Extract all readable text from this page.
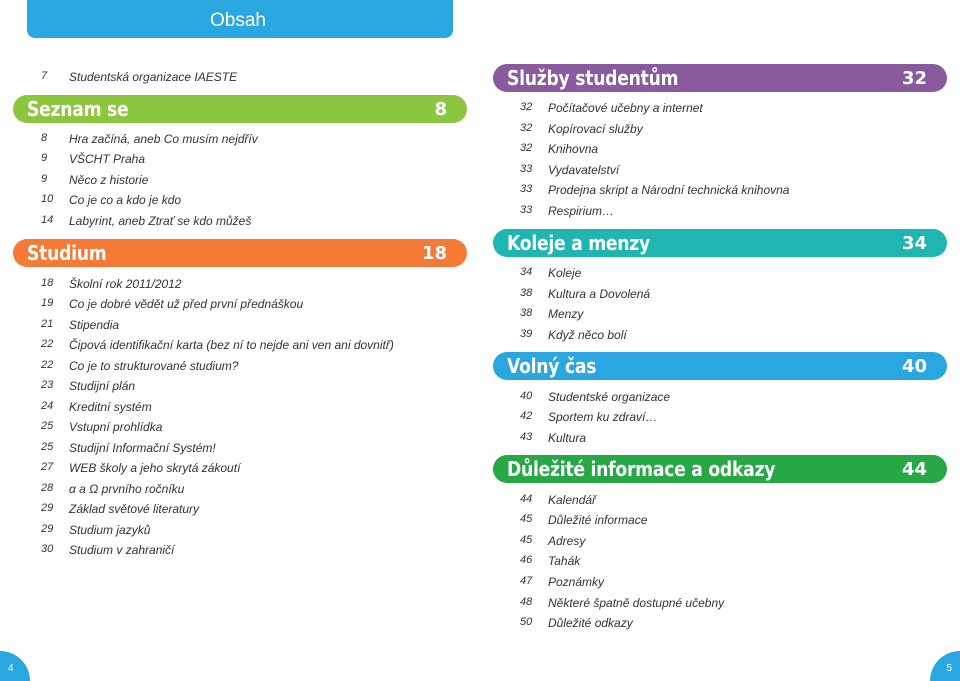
Obsah
7	Studentská organizace IAESTE
Seznam se	8
8	Hra začíná, aneb Co musím nejdřív
9	VŠCHT Praha
9	Něco z historie
10	Co je co a kdo je kdo
14	Labyrint, aneb Ztrať se kdo můžeš
Studium	18
18	Školní rok 2011/2012
19	Co je dobré vědět už před první přednáškou
21	Stipendia
22	Čipová identifikační karta (bez ní to nejde ani ven ani dovnitř)
22	Co je to strukturované studium?
23	Studijní plán
24	Kreditní systém
25	Vstupní prohlídka
25	Studijní Informační Systém!
27	WEB školy a jeho skrytá zákoutí
28	α a Ω prvního ročníku
29	Základ světové literatury
29	Studium jazyků
30	Studium v zahraničí
Služby studentům	32
32	Počítačové učebny a internet
32	Kopírovací služby
32	Knihovna
33	Vydavatelství
33	Prodejna skript a Národní technická knihovna
33	Respirium…
Koleje a menzy	34
34	Koleje
38	Kultura a Dovolená
38	Menzy
39	Když něco bolí
Volný čas	40
40	Studentské organizace
42	Sportem ku zdraví…
43	Kultura
Důležité informace a odkazy	44
44	Kalendář
45	Důležité informace
45	Adresy
46	Tahák
47	Poznámky
48	Některé špatně dostupné učebny
50	Důležité odkazy
4	5
